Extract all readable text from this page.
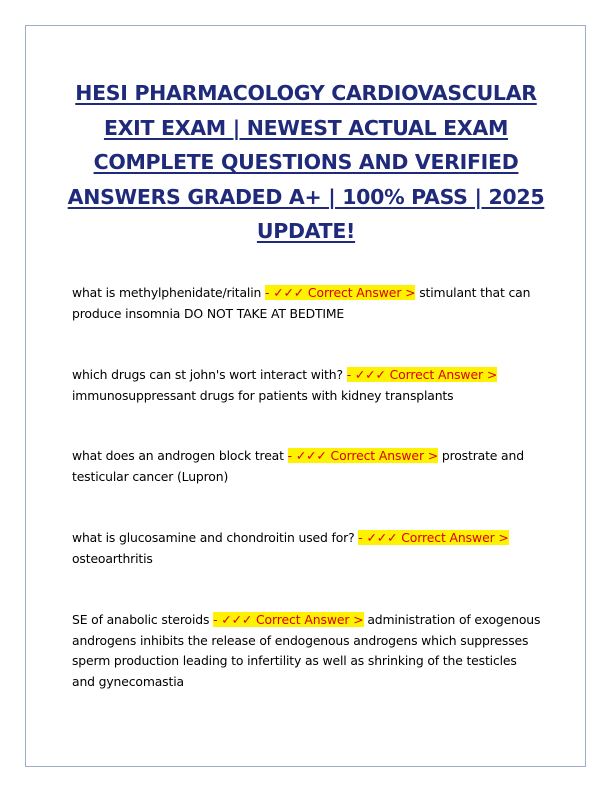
HESI PHARMACOLOGY CARDIOVASCULAR EXIT EXAM | NEWEST ACTUAL EXAM COMPLETE QUESTIONS AND VERIFIED ANSWERS GRADED A+ | 100% PASS | 2025 UPDATE!

what is methylphenidate/ritalin - ✓✓✓ Correct Answer > stimulant that can produce insomnia DO NOT TAKE AT BEDTIME

which drugs can st john's wort interact with? - ✓✓✓ Correct Answer > immunosuppressant drugs for patients with kidney transplants

what does an androgen block treat - ✓✓✓ Correct Answer > prostrate and testicular cancer (Lupron)

what is glucosamine and chondroitin used for? - ✓✓✓ Correct Answer > osteoarthritis

SE of anabolic steroids - ✓✓✓ Correct Answer > administration of exogenous androgens inhibits the release of endogenous androgens which suppresses sperm production leading to infertility as well as shrinking of the testicles and gynecomastia
